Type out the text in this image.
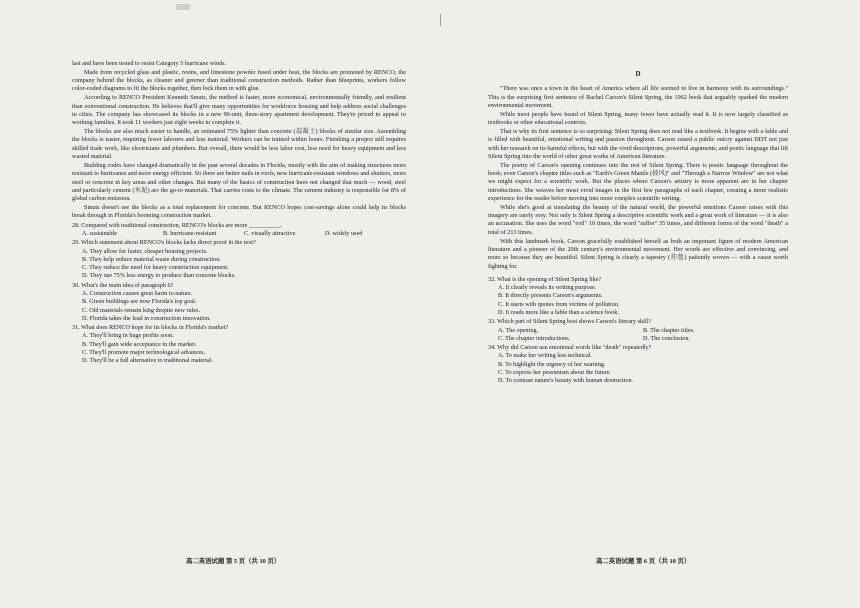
last and have been tested to resist Category 5 hurricane winds.

Made from recycled glass and plastic, resins, and limestone powder fused under heat, the blocks are promoted by RENCO, the company behind the blocks, as cleaner and greener than traditional construction methods. Rather than blueprints, workers follow color-coded diagrams to fit the blocks together, then lock them in with glue.

According to RENCO President Kenneth Smuts, the method is faster, more economical, environmentally friendly, and resilient than conventional construction. He believes that'll give many opportunities for workforce housing and help address social challenges in cities. The company has showcased its blocks in a new 96-unit, three-story apartment development. They're priced to appeal to working families. It took 11 workers just eight weeks to complete it.

The blocks are also much easier to handle, an estimated 75% lighter than concrete (混凝土) blocks of similar size. Assembling the blocks is easier, requiring fewer laborers and less material. Workers can be trained within hours. Finishing a project still requires skilled trade work, like electricians and plumbers. But overall, there would be less labor cost, less need for heavy equipment and less wasted material.

Building codes have changed dramatically in the past several decades in Florida, mostly with the aim of making structures more resistant to hurricanes and more energy efficient. So there are better nails in roofs, new hurricane-resistant windows and shutters, more steel or concrete in key areas and other changes. But many of the basics of construction have not changed that much — wood, steel and particularly cement (水泥) are the go-to materials. That carries costs to the climate. The cement industry is responsible for 8% of global carbon emission.

Smuts doesn't see the blocks as a total replacement for concrete. But RENCO hopes cost-savings alone could help its blocks break through in Florida's booming construction market.

28. Compared with traditional construction, RENCO's blocks are more __________.
A. sustainable	B. hurricane-resistant	C. visually attractive	D. widely used
29. Which statement about RENCO's blocks lacks direct proof in the text?
A. They allow for faster, cheaper housing projects.
B. They help reduce material waste during construction.
C. They reduce the need for heavy construction equipment.
D. They use 75% less energy to produce than concrete blocks.
30. What's the main idea of paragraph 6?
A. Construction causes great harm to nature.
B. Green buildings are now Florida's top goal.
C. Old materials remain king despite new rules.
D. Florida takes the lead in construction innovation.
31. What does RENCO hope for its blocks in Florida's market?
A. They'll bring in huge profits soon.
B. They'll gain wide acceptance in the market.
C. They'll promote major technological advances.
D. They'll be a full alternative to traditional material.
高二英语试题 第 5 页（共 10 页）
D

"There was once a town in the heart of America where all life seemed to live in harmony with its surroundings." This is the surprising first sentence of Rachel Carson's Silent Spring, the 1962 book that arguably sparked the modern environmental movement.

While most people have heard of Silent Spring, many fewer have actually read it. It is now largely classified as textbooks or other educational contexts.

That is why its first sentence is so surprising: Silent Spring does not read like a textbook. It begins with a fable and is filled with beautiful, emotional writing and passion throughout. Carson raised a public outcry against DDT not just with her research on its harmful effects, but with the vivid descriptions, powerful arguments, and poetic language that lift Silent Spring into the world of other great works of American literature.

The poetry of Carson's opening continues into the rest of Silent Spring. There is poetic language throughout the book; even Carson's chapter titles such as "Earth's Green Mantle (披风)" and "Through a Narrow Window" are not what we might expect for a scientific work. But the places where Carson's artistry is more apparent are in her chapter introductions. She weaves her most vivid images in the first few paragraphs of each chapter, creating a more realistic experience for the reader before moving into more complex scientific writing.

While she's good at translating the beauty of the natural world, the powerful emotions Carson raises with this imagery are rarely rosy. Not only is Silent Spring a descriptive scientific work and a great work of literature — it is also an accusation. She uses the word "evil" 10 times, the word "suffer" 35 times, and different forms of the word "death" a total of 213 times.

With this landmark book, Carson gracefully established herself as both an important figure of modern American literature and a pioneer of the 20th century's environmental movement. Her words are effective and convincing, and more so because they are beautiful. Silent Spring is clearly a tapestry (挂毯) patiently woven — with a cause worth fighting for.

32. What is the opening of Silent Spring like?
A. It clearly reveals its writing purpose.
B. It directly presents Carson's arguments.
C. It starts with quotes from victims of pollution.
D. It reads more like a fable than a science book.
33. Which part of Silent Spring best shows Carson's literary skill?
A. The opening.	B. The chapter titles.
C. The chapter introductions.	D. The conclusion.
34. Why did Carson use emotional words like "death" repeatedly?
A. To make her writing less technical.
B. To highlight the urgency of her warning.
C. To express her pessimism about the future.
D. To contrast nature's beauty with human destruction.
高二英语试题 第 6 页（共 10 页）
